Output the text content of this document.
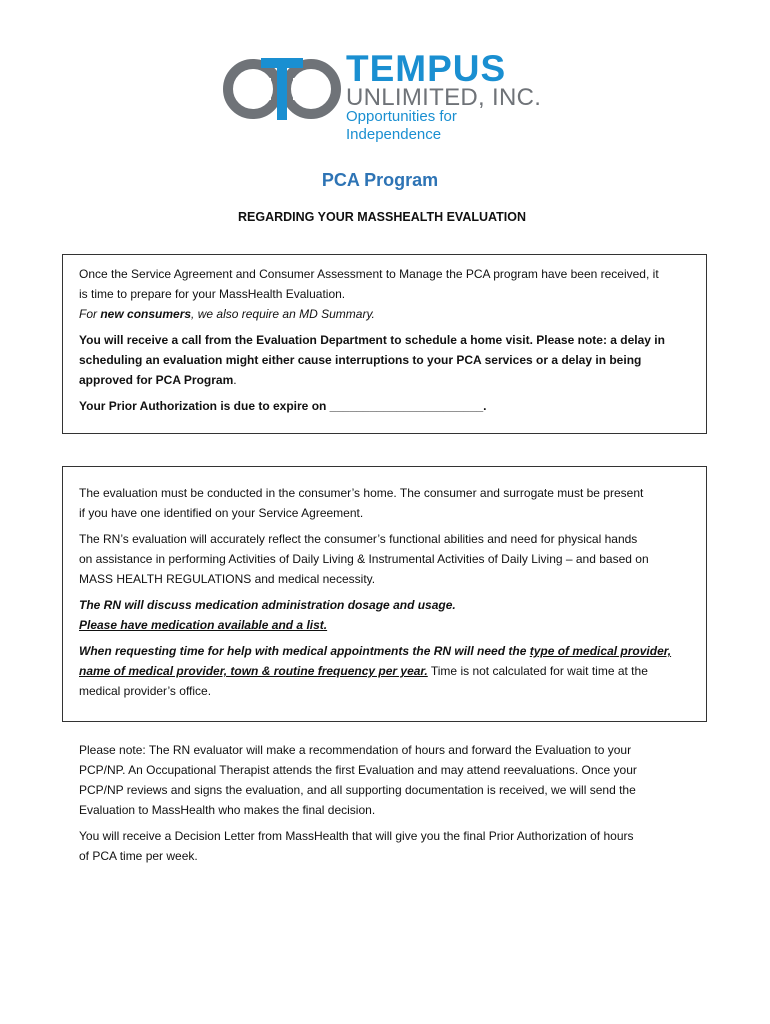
TEMPUS
UNLIMITED, INC.
Opportunities for Independence
PCA Program
REGARDING YOUR MASSHEALTH EVALUATION

Once the Service Agreement and Consumer Assessment to Manage the PCA program have been received, it
is time to prepare for your MassHealth Evaluation.
For new consumers, we also require an MD Summary.

You will receive a call from the Evaluation Department to schedule a home visit. Please note: a delay in
scheduling an evaluation might either cause interruptions to your PCA services or a delay in being
approved for PCA Program.

Your Prior Authorization is due to expire on _______________________.

The evaluation must be conducted in the consumer’s home. The consumer and surrogate must be present
if you have one identified on your Service Agreement.

The RN’s evaluation will accurately reflect the consumer’s functional abilities and need for physical hands
on assistance in performing Activities of Daily Living & Instrumental Activities of Daily Living – and based on
MASS HEALTH REGULATIONS and medical necessity.

The RN will discuss medication administration dosage and usage.
Please have medication available and a list.

When requesting time for help with medical appointments the RN will need the type of medical provider,
name of medical provider, town & routine frequency per year. Time is not calculated for wait time at the
medical provider’s office.

Please note: The RN evaluator will make a recommendation of hours and forward the Evaluation to your
PCP/NP. An Occupational Therapist attends the first Evaluation and may attend reevaluations. Once your
PCP/NP reviews and signs the evaluation, and all supporting documentation is received, we will send the
Evaluation to MassHealth who makes the final decision.

You will receive a Decision Letter from MassHealth that will give you the final Prior Authorization of hours
of PCA time per week.
